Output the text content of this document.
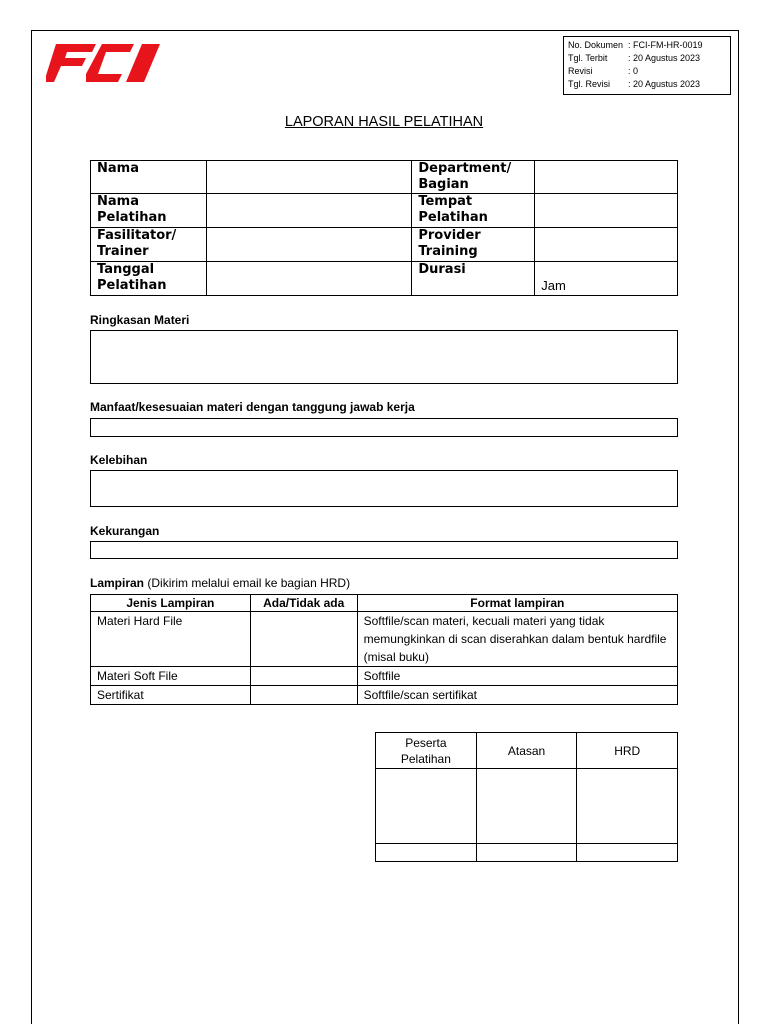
No. Dokumen : FCI-FM-HR-0019
Tgl. Terbit	: 20 Agustus 2023
Revisi	: 0
Tgl. Revisi	: 20 Agustus 2023
LAPORAN HASIL PELATIHAN
Nama		Department/ Bagian	
Nama Pelatihan		Tempat Pelatihan	
Fasilitator/ Trainer		Provider Training	
Tanggal Pelatihan		Durasi	Jam
Ringkasan Materi
Manfaat/kesesuaian materi dengan tanggung jawab kerja
Kelebihan
Kekurangan
Lampiran (Dikirim melalui email ke bagian HRD)
Jenis Lampiran	Ada/Tidak ada	Format lampiran
Materi Hard File		Softfile/scan materi, kecuali materi yang tidak memungkinkan di scan diserahkan dalam bentuk hardfile (misal buku)
Materi Soft File		Softfile
Sertifikat		Softfile/scan sertifikat
Peserta Pelatihan	Atasan	HRD
